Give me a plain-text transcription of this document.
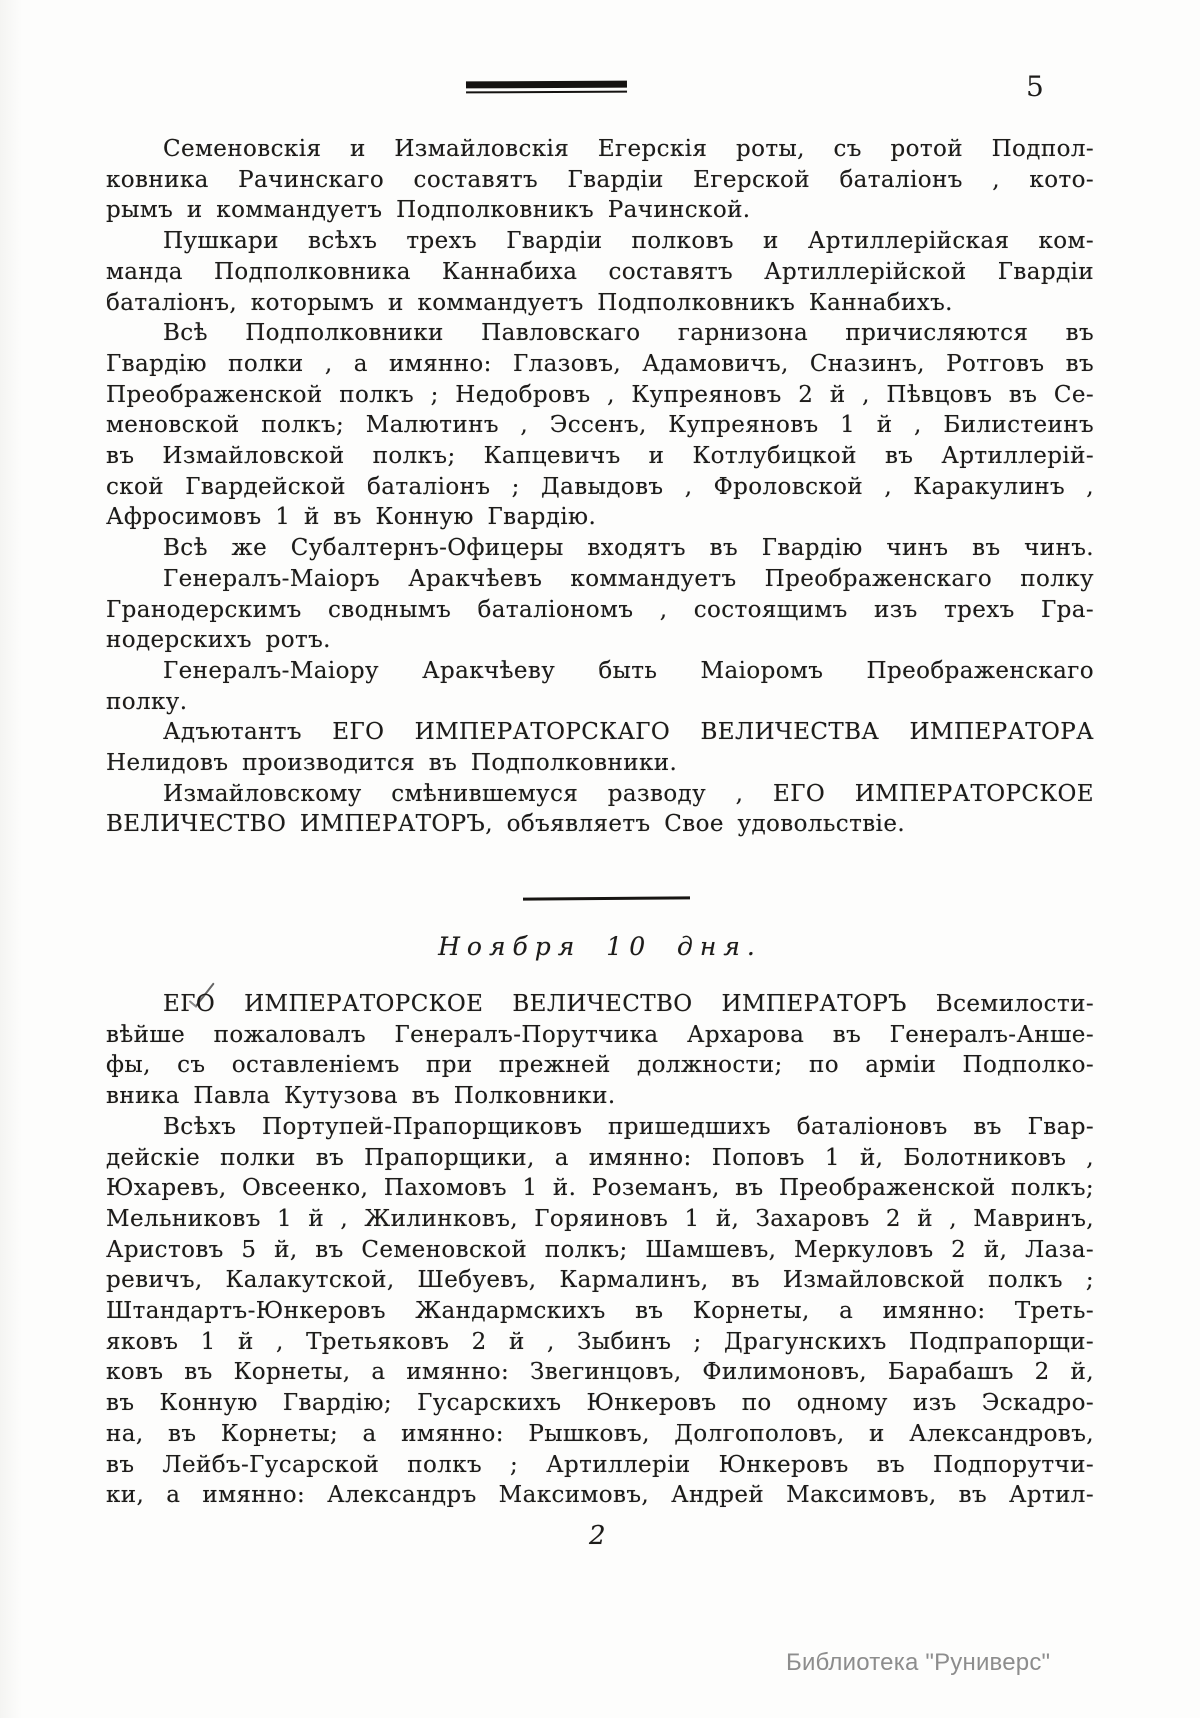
5
Семеновскія и Измайловскія Егерскія роты, съ ротой Подпол-
ковника Рачинскаго составятъ Гвардіи Егерской баталіонъ , кото-
рымъ и коммандуетъ Подполковникъ Рачинской.
Пушкари всѣхъ трехъ Гвардіи полковъ и Артиллерійская ком-
манда Подполковника Каннабиха составятъ Артиллерійской Гвардіи
баталіонъ, которымъ и коммандуетъ Подполковникъ Каннабихъ.
Всѣ Подполковники Павловскаго гарнизона причисляются въ
Гвардію полки , а имянно: Глазовъ, Адамовичъ, Сназинъ, Ротговъ въ
Преображенской полкъ ; Недобровъ , Купреяновъ 2 й , Пѣвцовъ въ Се-
меновской полкъ; Малютинъ , Эссенъ, Купреяновъ 1 й , Билистеинъ
въ Измайловской полкъ; Капцевичъ и Котлубицкой въ Артиллерій-
ской Гвардейской баталіонъ ; Давыдовъ , Фроловской , Каракулинъ ,
Афросимовъ 1 й въ Конную Гвардію.
Всѣ же Субалтернъ-Офицеры входятъ въ Гвардію чинъ въ чинъ.
Генералъ-Маіоръ Аракчѣевъ коммандуетъ Преображенскаго полку
Гранодерскимъ своднымъ баталіономъ , состоящимъ изъ трехъ Гра-
нодерскихъ ротъ.
Генералъ-Маіору Аракчѣеву быть Маіоромъ Преображенскаго
полку.
Адъютантъ ЕГО ИМПЕРАТОРСКАГО ВЕЛИЧЕСТВА ИМПЕРАТОРА
Нелидовъ производится въ Подполковники.
Измайловскому смѣнившемуся разводу , ЕГО ИМПЕРАТОРСКОЕ
ВЕЛИЧЕСТВО ИМПЕРАТОРЪ, объявляетъ Свое удовольствіе.
Ноября 10 дня.
ЕГО ИМПЕРАТОРСКОЕ ВЕЛИЧЕСТВО ИМПЕРАТОРЪ Всемилости-
вѣйше пожаловалъ Генералъ-Порутчика Архарова въ Генералъ-Анше-
фы, съ оставленіемъ при прежней должности; по арміи Подполко-
вника Павла Кутузова въ Полковники.
Всѣхъ Портупей-Прапорщиковъ пришедшихъ баталіоновъ въ Гвар-
дейскіе полки въ Прапорщики, а имянно: Поповъ 1 й, Болотниковъ ,
Юхаревъ, Овсеенко, Пахомовъ 1 й. Роземанъ, въ Преображенской полкъ;
Мельниковъ 1 й , Жилинковъ, Горяиновъ 1 й, Захаровъ 2 й , Мавринъ,
Аристовъ 5 й, въ Семеновской полкъ; Шамшевъ, Меркуловъ 2 й, Лаза-
ревичъ, Калакутской, Шебуевъ, Кармалинъ, въ Измайловской полкъ ;
Штандартъ-Юнкеровъ Жандармскихъ въ Корнеты, а имянно: Треть-
яковъ 1 й , Третьяковъ 2 й , Зыбинъ ; Драгунскихъ Подпрапорщи-
ковъ въ Корнеты, а имянно: Звегинцовъ, Филимоновъ, Барабашъ 2 й,
въ Конную Гвардію; Гусарскихъ Юнкеровъ по одному изъ Эскадро-
на, въ Корнеты; а имянно: Рышковъ, Долгополовъ, и Александровъ,
въ Лейбъ-Гусарской полкъ ; Артиллеріи Юнкеровъ въ Подпорутчи-
ки, а имянно: Александръ Максимовъ, Андрей Максимовъ, въ Артил-
2
Библиотека "Руниверс"
